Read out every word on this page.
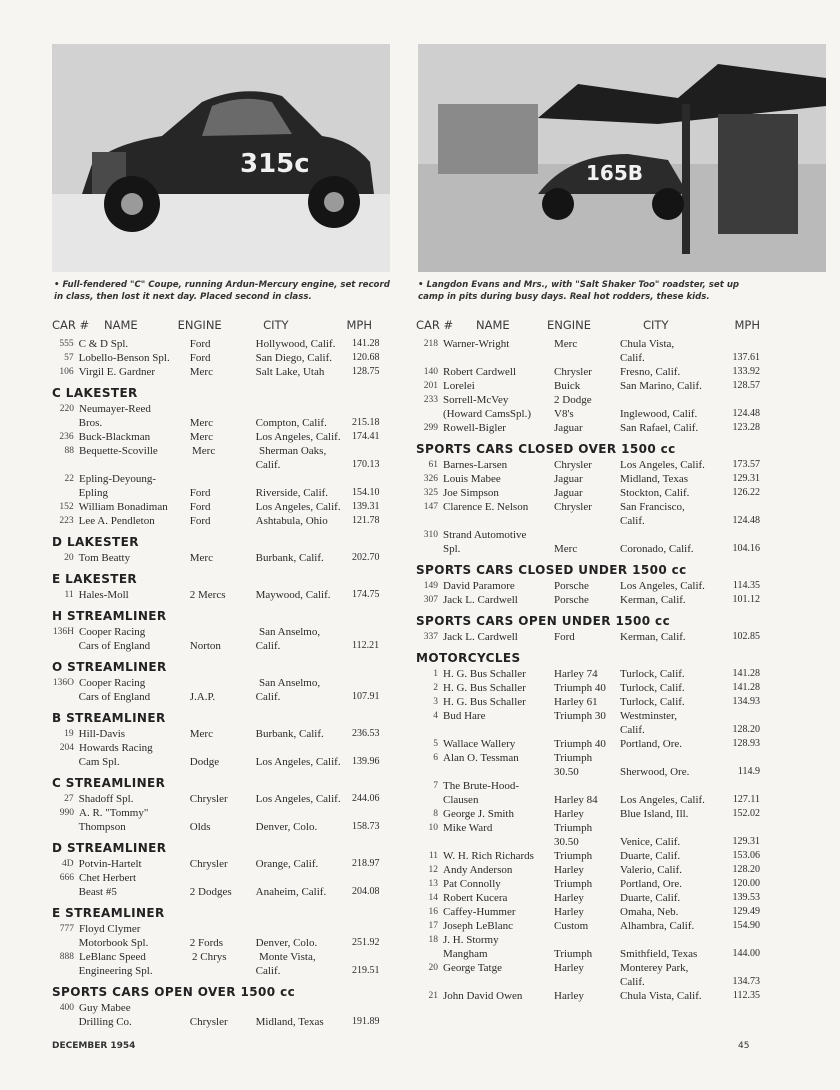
315c	165B
• Full-fendered "C" Coupe, running Ardun-Mercury engine, set record in class, then lost it next day. Placed second in class.
• Langdon Evans and Mrs., with "Salt Shaker Too" roadster, set up camp in pits during busy days. Real hot rodders, these kids.
CAR #	NAME	ENGINE	CITY	MPH
555 C & D Spl.	Ford	Hollywood, Calif.	141.28
57 Lobello-Benson Spl.	Ford	San Diego, Calif.	120.68
106 Virgil E. Gardner	Merc	Salt Lake, Utah	128.75
C LAKESTER
220 Neumayer-Reed
Bros.	Merc	Compton, Calif.	215.18
236 Buck-Blackman	Merc	Los Angeles, Calif.	174.41
88 Bequette-Scoville	Merc	Sherman Oaks,
Calif.	170.13
22 Epling-Deyoung-
Epling	Ford	Riverside, Calif.	154.10
152 William Bonadiman	Ford	Los Angeles, Calif.	139.31
223 Lee A. Pendleton	Ford	Ashtabula, Ohio	121.78
D LAKESTER
20 Tom Beatty	Merc	Burbank, Calif.	202.70
E LAKESTER
11 Hales-Moll	2 Mercs	Maywood, Calif.	174.75
H STREAMLINER
136H Cooper Racing	San Anselmo,
Cars of England	Norton	Calif.	112.21
O STREAMLINER
136O Cooper Racing	San Anselmo,
Cars of England	J.A.P.	Calif.	107.91
B STREAMLINER
19 Hill-Davis	Merc	Burbank, Calif.	236.53
204 Howards Racing
Cam Spl.	Dodge	Los Angeles, Calif.	139.96
C STREAMLINER
27 Shadoff Spl.	Chrysler	Los Angeles, Calif.	244.06
990 A. R. "Tommy"
Thompson	Olds	Denver, Colo.	158.73
D STREAMLINER
4D Potvin-Hartelt	Chrysler	Orange, Calif.	218.97
666 Chet Herbert
Beast #5	2 Dodges	Anaheim, Calif.	204.08
E STREAMLINER
777 Floyd Clymer
Motorbook Spl.	2 Fords	Denver, Colo.	251.92
888 LeBlanc Speed	2 Chrys	Monte Vista,
Engineering Spl.	Calif.	219.51
SPORTS CARS OPEN OVER 1500 cc
400 Guy Mabee
Drilling Co.	Chrysler	Midland, Texas	191.89
CAR #	NAME	ENGINE	CITY	MPH
218 Warner-Wright	Merc	Chula Vista,
Calif.	137.61
140 Robert Cardwell	Chrysler	Fresno, Calif.	133.92
201 Lorelei	Buick	San Marino, Calif.	128.57
233 Sorrell-McVey	2 Dodge
(Howard CamsSpl.)	V8's	Inglewood, Calif.	124.48
299 Rowell-Bigler	Jaguar	San Rafael, Calif.	123.28
SPORTS CARS CLOSED OVER 1500 cc
61 Barnes-Larsen	Chrysler	Los Angeles, Calif.	173.57
326 Louis Mabee	Jaguar	Midland, Texas	129.31
325 Joe Simpson	Jaguar	Stockton, Calif.	126.22
147 Clarence E. Nelson	Chrysler	San Francisco,
Calif.	124.48
310 Strand Automotive
Spl.	Merc	Coronado, Calif.	104.16
SPORTS CARS CLOSED UNDER 1500 cc
149 David Paramore	Porsche	Los Angeles, Calif.	114.35
307 Jack L. Cardwell	Porsche	Kerman, Calif.	101.12
SPORTS CARS OPEN UNDER 1500 cc
337 Jack L. Cardwell	Ford	Kerman, Calif.	102.85
MOTORCYCLES
1 H. G. Bus Schaller	Harley 74	Turlock, Calif.	141.28
2 H. G. Bus Schaller	Triumph 40	Turlock, Calif.	141.28
3 H. G. Bus Schaller	Harley 61	Turlock, Calif.	134.93
4 Bud Hare	Triumph 30	Westminster,
Calif.	128.20
5 Wallace Wallery	Triumph 40	Portland, Ore.	128.93
6 Alan O. Tessman	Triumph
30.50	Sherwood, Ore.	114.9
7 The Brute-Hood-
Clausen	Harley 84	Los Angeles, Calif.	127.11
8 George J. Smith	Harley	Blue Island, Ill.	152.02
10 Mike Ward	Triumph
30.50	Venice, Calif.	129.31
11 W. H. Rich Richards	Triumph	Duarte, Calif.	153.06
12 Andy Anderson	Harley	Valerio, Calif.	128.20
13 Pat Connolly	Triumph	Portland, Ore.	120.00
14 Robert Kucera	Harley	Duarte, Calif.	139.53
16 Caffey-Hummer	Harley	Omaha, Neb.	129.49
17 Joseph LeBlanc	Custom	Alhambra, Calif.	154.90
18 J. H. Stormy
Mangham	Triumph	Smithfield, Texas	144.00
20 George Tatge	Harley	Monterey Park,
Calif.	134.73
21 John David Owen	Harley	Chula Vista, Calif.	112.35
DECEMBER 1954	45
